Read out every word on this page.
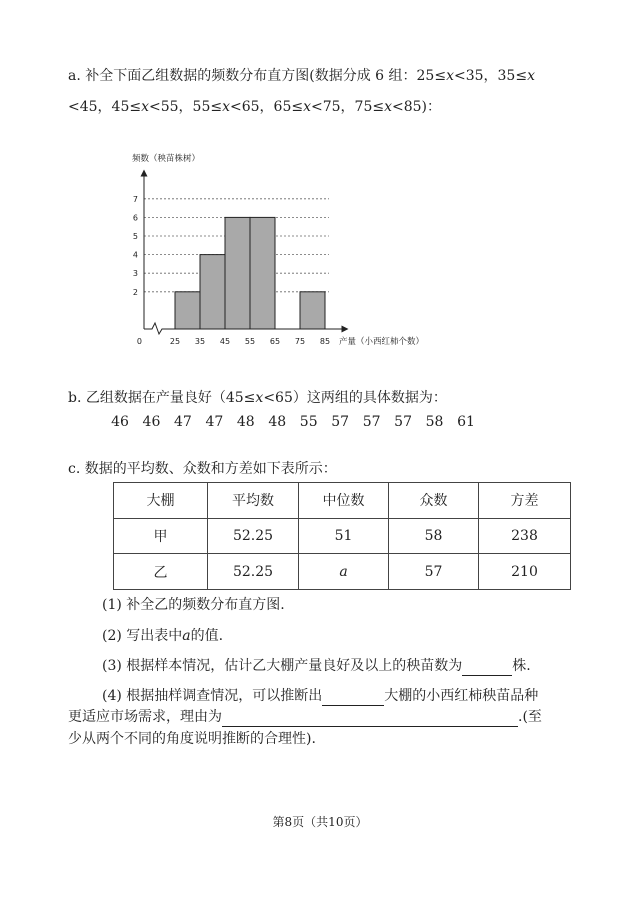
a. 补全下面乙组数据的频数分布直方图(数据分成 6 组：25≤x<35，35≤x
<45，45≤x<55，55≤x<65，65≤x<75，75≤x<85)：
2
3
4
5
6
7
25 35 45 55 65 75 85
0
频数（秧苗株树）
产量（小西红柿个数）
b. 乙组数据在产量良好（45≤x<65）这两组的具体数据为：
46 46 47 47 48 48 55 57 57 57 58 61
c. 数据的平均数、众数和方差如下表所示：
大棚	平均数	中位数	众数	方差
甲	52.25	51	58	238
乙	52.25	a	57	210
(1) 补全乙的频数分布直方图.
(2) 写出表中a的值.
(3) 根据样本情况，估计乙大棚产量良好及以上的秧苗数为	株.
(4) 根据抽样调查情况，可以推断出	大棚的小西红柿秧苗品种
更适应市场需求，理由为	.(至
少从两个不同的角度说明推断的合理性).
第8页（共10页）
